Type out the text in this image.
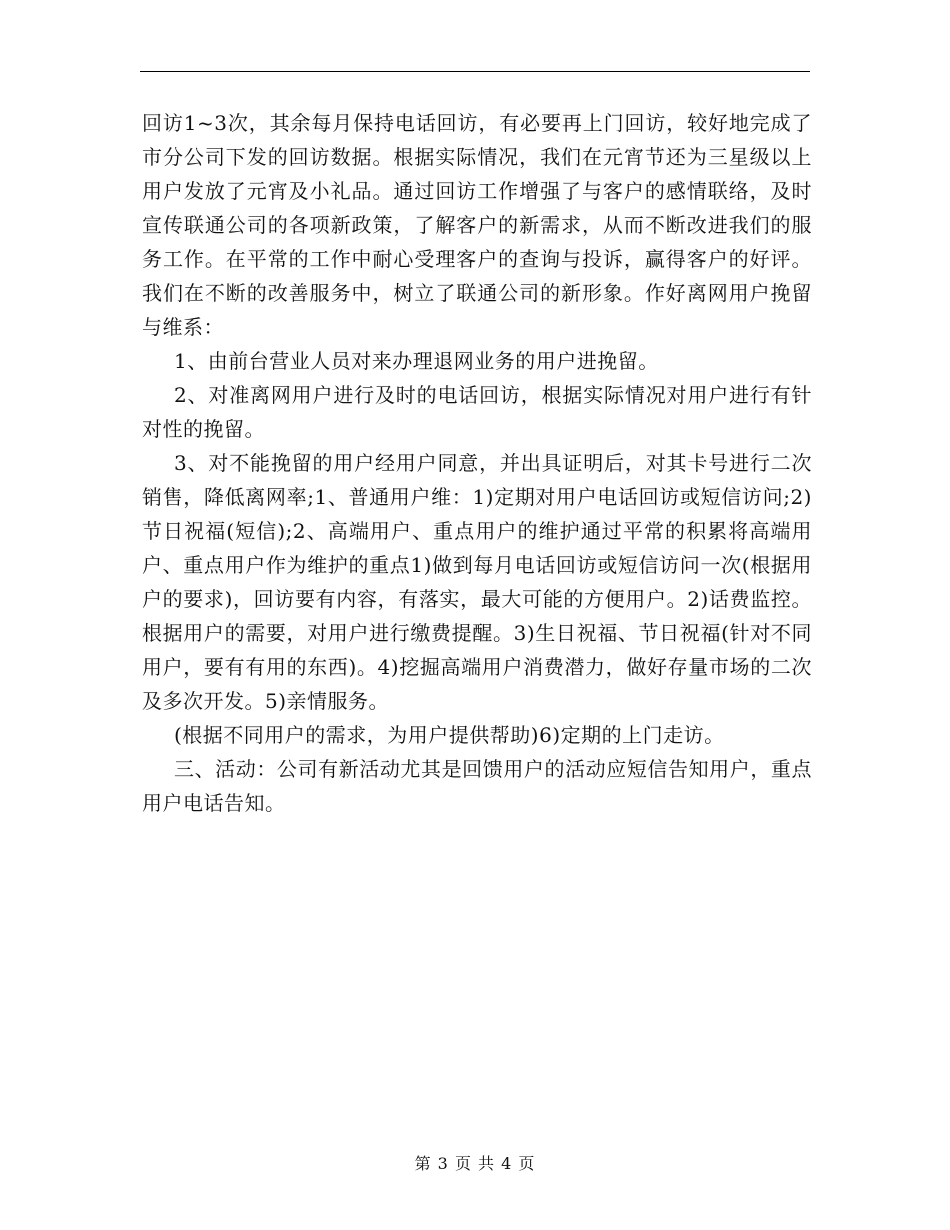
回访1~3次，其余每月保持电话回访，有必要再上门回访，较好地完成了市分公司下发的回访数据。根据实际情况，我们在元宵节还为三星级以上用户发放了元宵及小礼品。通过回访工作增强了与客户的感情联络，及时宣传联通公司的各项新政策，了解客户的新需求，从而不断改进我们的服务工作。在平常的工作中耐心受理客户的查询与投诉，赢得客户的好评。我们在不断的改善服务中，树立了联通公司的新形象。作好离网用户挽留与维系：

1、由前台营业人员对来办理退网业务的用户进挽留。

2、对准离网用户进行及时的电话回访，根据实际情况对用户进行有针对性的挽留。

3、对不能挽留的用户经用户同意，并出具证明后，对其卡号进行二次销售，降低离网率;1、普通用户维：1)定期对用户电话回访或短信访问;2)节日祝福(短信);2、高端用户、重点用户的维护通过平常的积累将高端用户、重点用户作为维护的重点1)做到每月电话回访或短信访问一次(根据用户的要求)，回访要有内容，有落实，最大可能的方便用户。2)话费监控。根据用户的需要，对用户进行缴费提醒。3)生日祝福、节日祝福(针对不同用户，要有有用的东西)。4)挖掘高端用户消费潜力，做好存量市场的二次及多次开发。5)亲情服务。

(根据不同用户的需求，为用户提供帮助)6)定期的上门走访。

三、活动：公司有新活动尤其是回馈用户的活动应短信告知用户，重点用户电话告知。

第 3 页 共 4 页
